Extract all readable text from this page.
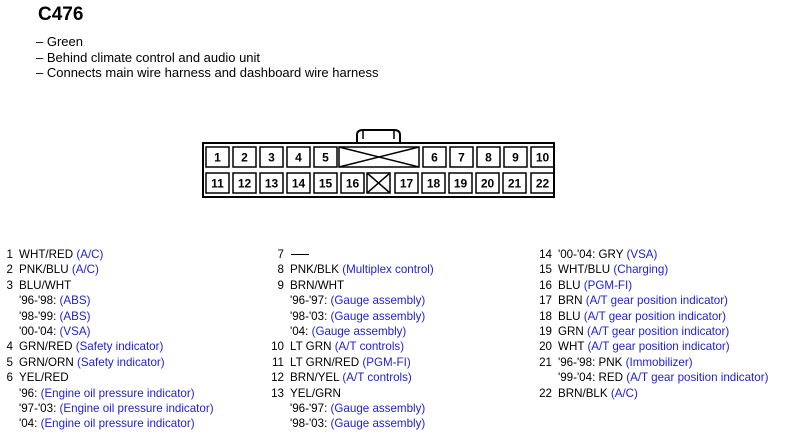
C476
– Green
– Behind climate control and audio unit
– Connects main wire harness and dashboard wire harness
1 2 3 4 5	6 7 8 9 10
11 12 13 14 15 16	17 18 19 20 21 22
1 WHT/RED (A/C)
2 PNK/BLU (A/C)
3 BLU/WHT
'96-'98: (ABS)
'98-'99: (ABS)
'00-'04: (VSA)
4 GRN/RED (Safety indicator)
5 GRN/ORN (Safety indicator)
6 YEL/RED
'96: (Engine oil pressure indicator)
'97-'03: (Engine oil pressure indicator)
'04: (Engine oil pressure indicator)
7
8 PNK/BLK (Multiplex control)
9 BRN/WHT
'96-'97: (Gauge assembly)
'98-'03: (Gauge assembly)
'04: (Gauge assembly)
10 LT GRN (A/T controls)
11 LT GRN/RED (PGM-FI)
12 BRN/YEL (A/T controls)
13 YEL/GRN
'96-'97: (Gauge assembly)
'98-'03: (Gauge assembly)
14 '00-'04: GRY (VSA)
15 WHT/BLU (Charging)
16 BLU (PGM-FI)
17 BRN (A/T gear position indicator)
18 BLU (A/T gear position indicator)
19 GRN (A/T gear position indicator)
20 WHT (A/T gear position indicator)
21 '96-'98: PNK (Immobilizer)
'99-'04: RED (A/T gear position indicator)
22 BRN/BLK (A/C)
